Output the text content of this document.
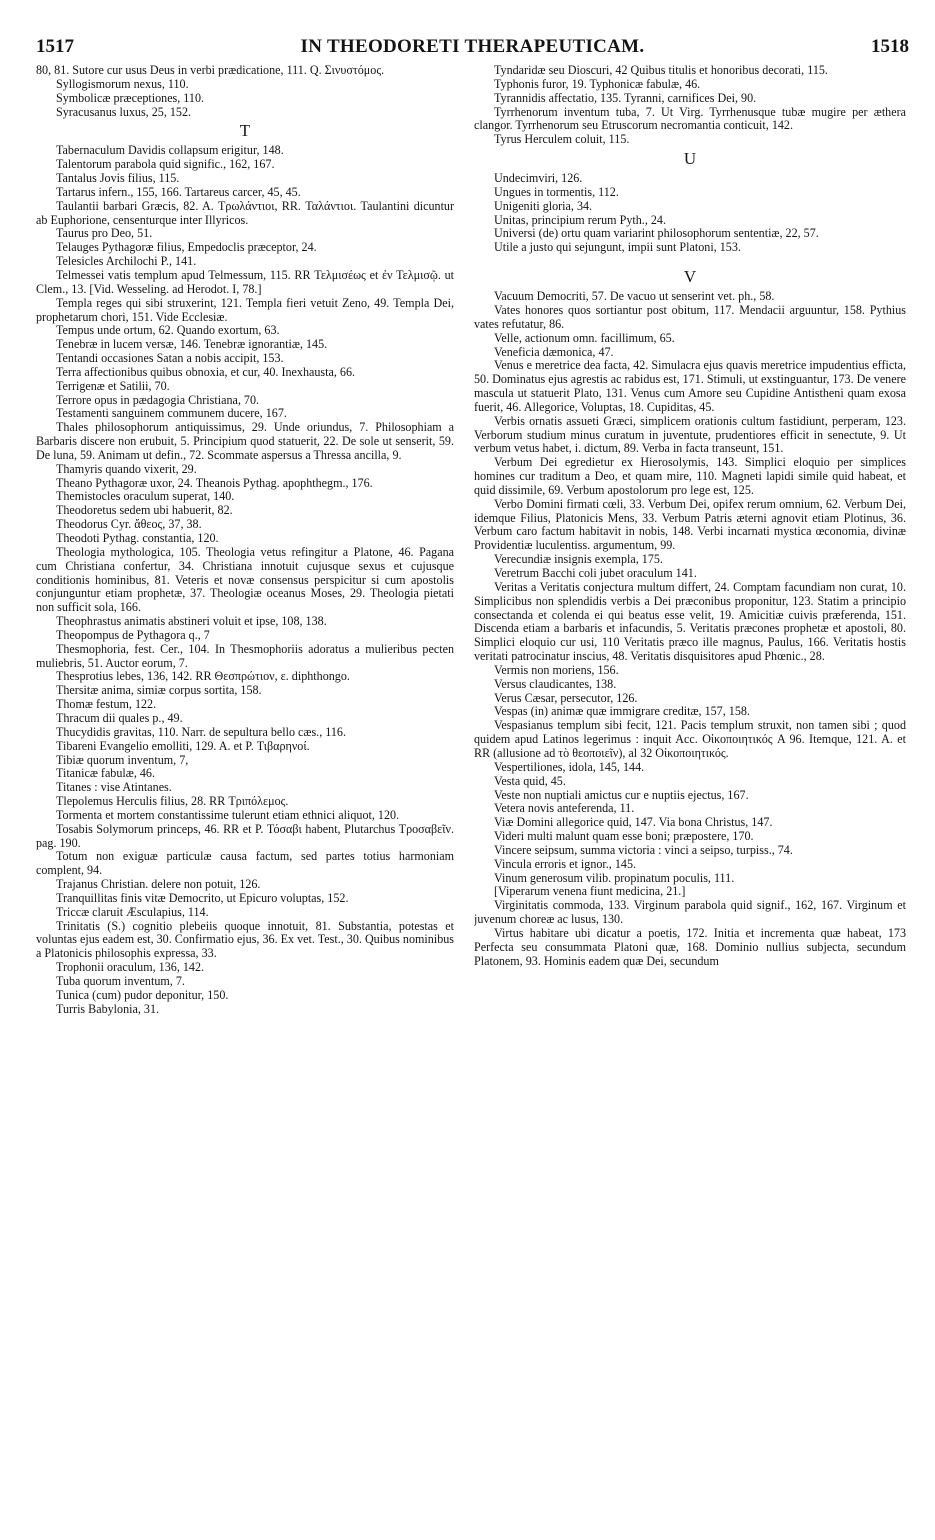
1517	IN THEODORETI THERAPEUTICAM.	1518

80, 81. Sutore cur usus Deus in verbi prædicatione, 111. Q. Σινυστόμος.

Syllogismorum nexus, 110.

Symbolicæ præceptiones, 110.

Syracusanus luxus, 25, 152.

T

Tabernaculum Davidis collapsum erigitur, 148.

Talentorum parabola quid signific., 162, 167.

Tantalus Jovis filius, 115.

Tartarus infern., 155, 166. Tartareus carcer, 45, 45.

Taulantii barbari Græcis, 82. A. Τρωλάντιοι, RR. Ταλάντιοι. Taulantini dicuntur ab Euphorione, censenturque inter Illyricos.

Taurus pro Deo, 51.

Telauges Pythagoræ filius, Empedoclis præceptor, 24.

Telesicles Archilochi P., 141.

Telmessei vatis templum apud Telmessum, 115. RR Τελμισέως et ἐν Τελμισῷ. ut Clem., 13. [Vid. Wesseling. ad Herodot. I, 78.]

Templa reges qui sibi struxerint, 121. Templa fieri vetuit Zeno, 49. Templa Dei, prophetarum chori, 151. Vide Ecclesiæ.

Tempus unde ortum, 62. Quando exortum, 63.

Tenebræ in lucem versæ, 146. Tenebræ ignorantiæ, 145.

Tentandi occasiones Satan a nobis accipit, 153.

Terra affectionibus quibus obnoxia, et cur, 40. Inexhausta, 66.

Terrigenæ et Satilii, 70.

Terrore opus in pædagogia Christiana, 70.

Testamenti sanguinem communem ducere, 167.

Thales philosophorum antiquissimus, 29. Unde oriundus, 7. Philosophiam a Barbaris discere non erubuit, 5. Principium quod statuerit, 22. De sole ut senserit, 59. De luna, 59. Animam ut defin., 72. Scommate aspersus a Thressa ancilla, 9.

Thamyris quando vixerit, 29.

Theano Pythagoræ uxor, 24. Theanois Pythag. apophthegm., 176.

Themistocles oraculum superat, 140.

Theodoretus sedem ubi habuerit, 82.

Theodorus Cyr. ἄθεος, 37, 38.

Theodoti Pythag. constantia, 120.

Theologia mythologica, 105. Theologia vetus refingitur a Platone, 46. Pagana cum Christiana confertur, 34. Christiana innotuit cujusque sexus et cujusque conditionis hominibus, 81. Veteris et novæ consensus perspicitur si cum apostolis conjunguntur etiam prophetæ, 37. Theologiæ oceanus Moses, 29. Theologia pietati non sufficit sola, 166.

Theophrastus animatis abstineri voluit et ipse, 108, 138.

Theopompus de Pythagora q., 7

Thesmophoria, fest. Cer., 104. In Thesmophoriis adoratus a mulieribus pecten muliebris, 51. Auctor eorum, 7.

Thesprotius lebes, 136, 142. RR Θεσπρώτιον, ε. diphthongo.

Thersitæ anima, simiæ corpus sortita, 158.

Thomæ festum, 122.

Thracum dii quales p., 49.

Thucydidis gravitas, 110. Narr. de sepultura bello cæs., 116.

Tibareni Evangelio emolliti, 129. A. et P. Τιβαρηνοί.

Tibiæ quorum inventum, 7,

Titanicæ fabulæ, 46.

Titanes : vise Atintanes.

Tlepolemus Herculis filius, 28. RR Τριπόλεμος.

Tormenta et mortem constantissime tulerunt etiam ethnici aliquot, 120.

Tosabis Solymorum princeps, 46. RR et P. Τόσαβι habent, Plutarchus Τροσαβεῖν. pag. 190.

Totum non exiguæ particulæ causa factum, sed partes totius harmoniam complent, 94.

Trajanus Christian. delere non potuit, 126.

Tranquillitas finis vitæ Democrito, ut Epicuro voluptas, 152.

Triccæ claruit Æsculapius, 114.

Trinitatis (S.) cognitio plebeiis quoque innotuit, 81. Substantia, potestas et voluntas ejus eadem est, 30. Confirmatio ejus, 36. Ex vet. Test., 30. Quibus nominibus a Platonicis philosophis expressa, 33.

Trophonii oraculum, 136, 142.

Tuba quorum inventum, 7.

Tunica (cum) pudor deponitur, 150.

Turris Babylonia, 31.

Tyndaridæ seu Dioscuri, 42 Quibus titulis et honoribus decorati, 115.

Typhonis furor, 19. Typhonicæ fabulæ, 46.

Tyrannidis affectatio, 135. Tyranni, carnifices Dei, 90.

Tyrrhenorum inventum tuba, 7. Ut Virg. Tyrrhenusque tubæ mugire per æthera clangor. Tyrrhenorum seu Etruscorum necromantia conticuit, 142.

Tyrus Herculem coluit, 115.

U

Undecimviri, 126.

Ungues in tormentis, 112.

Unigeniti gloria, 34.

Unitas, principium rerum Pyth., 24.

Universi (de) ortu quam variarint philosophorum sententiæ, 22, 57.

Utile a justo qui sejungunt, impii sunt Platoni, 153.

V

Vacuum Democriti, 57. De vacuo ut senserint vet. ph., 58.

Vates honores quos sortiantur post obitum, 117. Mendacii arguuntur, 158. Pythius vates refutatur, 86.

Velle, actionum omn. facillimum, 65.

Veneficia dæmonica, 47.

Venus e meretrice dea facta, 42. Simulacra ejus quavis meretrice impudentius efficta, 50. Dominatus ejus agrestis ac rabidus est, 171. Stimuli, ut exstinguantur, 173. De venere mascula ut statuerit Plato, 131. Venus cum Amore seu Cupidine Antistheni quam exosa fuerit, 46. Allegorice, Voluptas, 18. Cupiditas, 45.

Verbis ornatis assueti Græci, simplicem orationis cultum fastidiunt, perperam, 123. Verborum studium minus curatum in juventute, prudentiores efficit in senectute, 9. Ut verbum vetus habet, i. dictum, 89. Verba in facta transeunt, 151.

Verbum Dei egredietur ex Hierosolymis, 143. Simplici eloquio per simplices homines cur traditum a Deo, et quam mire, 110. Magneti lapidi simile quid habeat, et quid dissimile, 69. Verbum apostolorum pro lege est, 125.

Verbo Domini firmati cœli, 33. Verbum Dei, opifex rerum omnium, 62. Verbum Dei, idemque Filius, Platonicis Mens, 33. Verbum Patris æterni agnovit etiam Plotinus, 36. Verbum caro factum habitavit in nobis, 148. Verbi incarnati mystica œconomia, divinæ Providentiæ luculentiss. argumentum, 99.

Verecundiæ insignis exempla, 175.

Veretrum Bacchi coli jubet oraculum 141.

Veritas a Veritatis conjectura multum differt, 24. Comptam facundiam non curat, 10. Simplicibus non splendidis verbis a Dei præconibus proponitur, 123. Statim a principio consectanda et colenda ei qui beatus esse velit, 19. Amicitiæ cuivis præferenda, 151. Discenda etiam a barbaris et infacundis, 5. Veritatis præcones prophetæ et apostoli, 80. Simplici eloquio cur usi, 110 Veritatis præco ille magnus, Paulus, 166. Veritatis hostis veritati patrocinatur inscius, 48. Veritatis disquisitores apud Phœnic., 28.

Vermis non moriens, 156.

Versus claudicantes, 138.

Verus Cæsar, persecutor, 126.

Vespas (in) animæ quæ immigrare creditæ, 157, 158.

Vespasianus templum sibi fecit, 121. Pacis templum struxit, non tamen sibi ; quod quidem apud Latinos legerimus : inquit Acc. Οἰκοποιητικός A 96. Itemque, 121. A. et RR (allusione ad τὸ θεοποιεῖν), al 32 Οἰκοποιητικός.

Vespertiliones, idola, 145, 144.

Vesta quid, 45.

Veste non nuptiali amictus cur e nuptiis ejectus, 167.

Vetera novis anteferenda, 11.

Viæ Domini allegorice quid, 147. Via bona Christus, 147.

Videri multi malunt quam esse boni; præpostere, 170.

Vincere seipsum, summa victoria : vinci a seipso, turpiss., 74.

Vincula erroris et ignor., 145.

Vinum generosum vilib. propinatum poculis, 111.

[Viperarum venena fiunt medicina, 21.]

Virginitatis commoda, 133. Virginum parabola quid signif., 162, 167. Virginum et juvenum choreæ ac lusus, 130.

Virtus habitare ubi dicatur a poetis, 172. Initia et incrementa quæ habeat, 173 Perfecta seu consummata Platoni quæ, 168. Dominio nullius subjecta, secundum Platonem, 93. Hominis eadem quæ Dei, secundum
